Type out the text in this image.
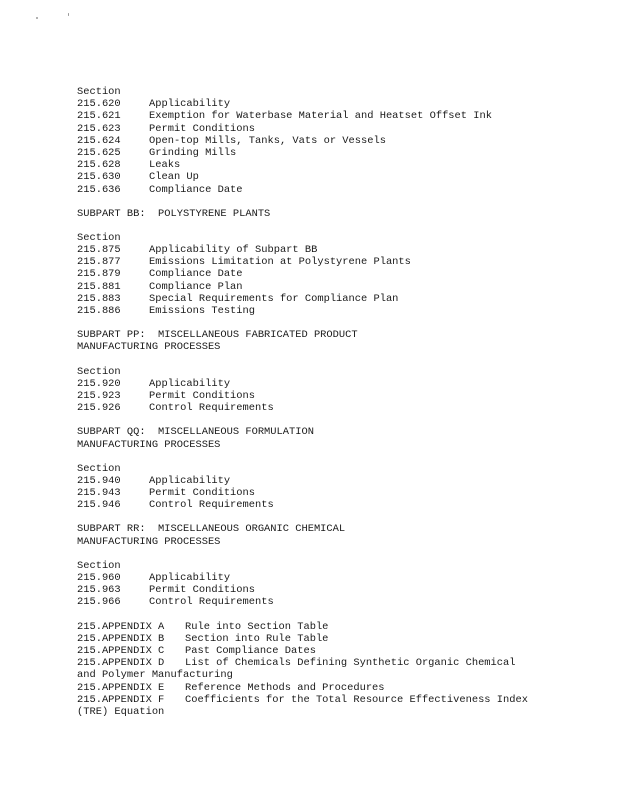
Section
215.620	Applicability
215.621	Exemption for Waterbase Material and Heatset Offset Ink
215.623	Permit Conditions
215.624	Open-top Mills, Tanks, Vats or Vessels
215.625	Grinding Mills
215.628	Leaks
215.630	Clean Up
215.636	Compliance Date
SUBPART BB:  POLYSTYRENE PLANTS
Section
215.875	Applicability of Subpart BB
215.877	Emissions Limitation at Polystyrene Plants
215.879	Compliance Date
215.881	Compliance Plan
215.883	Special Requirements for Compliance Plan
215.886	Emissions Testing
SUBPART PP:  MISCELLANEOUS FABRICATED PRODUCT
MANUFACTURING PROCESSES
Section
215.920	Applicability
215.923	Permit Conditions
215.926	Control Requirements
SUBPART QQ:  MISCELLANEOUS FORMULATION
MANUFACTURING PROCESSES
Section
215.940	Applicability
215.943	Permit Conditions
215.946	Control Requirements
SUBPART RR:  MISCELLANEOUS ORGANIC CHEMICAL
MANUFACTURING PROCESSES
Section
215.960	Applicability
215.963	Permit Conditions
215.966	Control Requirements
215.APPENDIX A	Rule into Section Table
215.APPENDIX B	Section into Rule Table
215.APPENDIX C	Past Compliance Dates
215.APPENDIX D	List of Chemicals Defining Synthetic Organic Chemical
and Polymer Manufacturing
215.APPENDIX E	Reference Methods and Procedures
215.APPENDIX F	Coefficients for the Total Resource Effectiveness Index
(TRE) Equation
